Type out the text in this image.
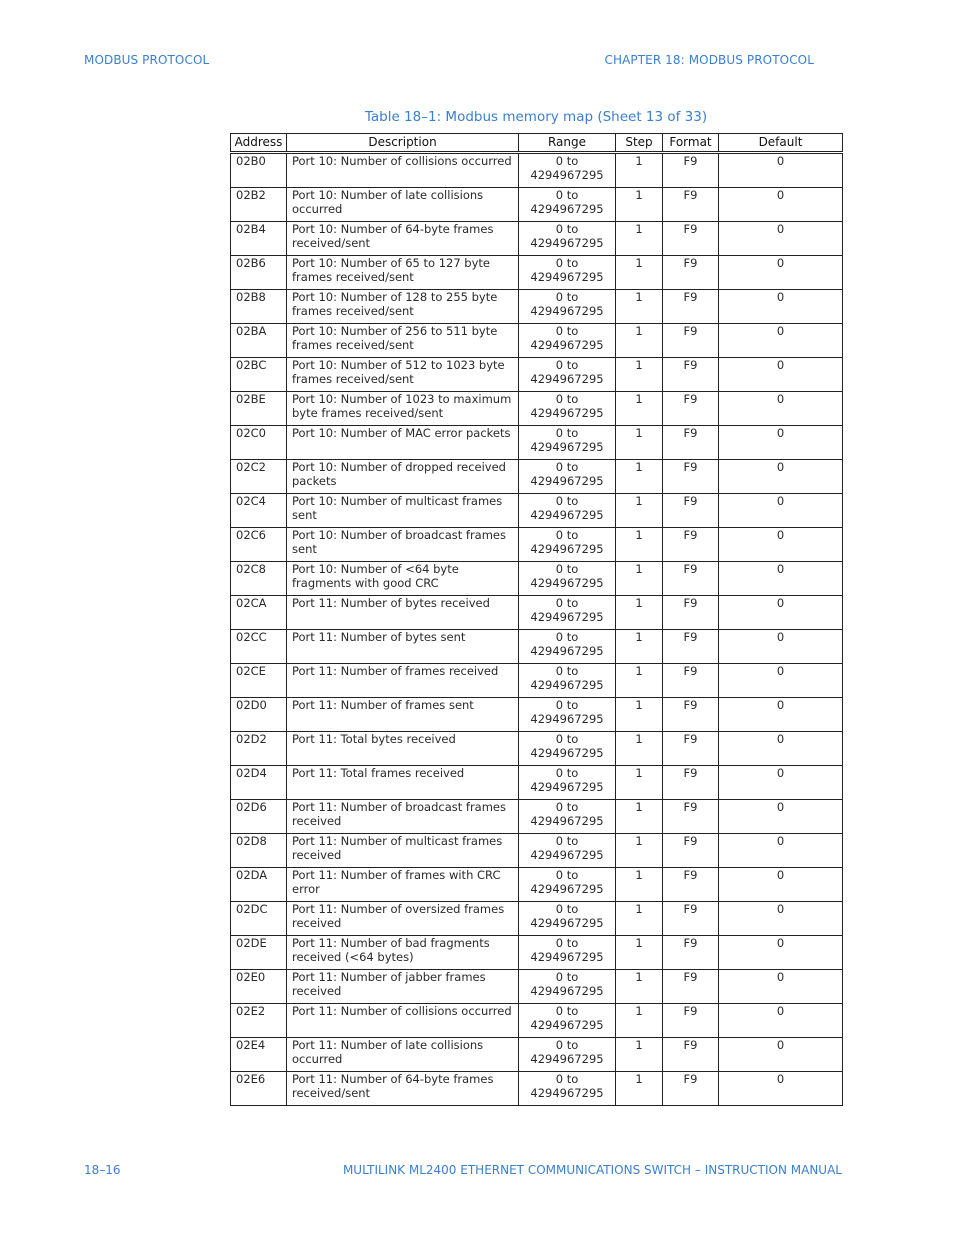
MODBUS PROTOCOL	CHAPTER 18: MODBUS PROTOCOL
Table 18–1: Modbus memory map (Sheet 13 of 33)
Address	Description	Range	Step	Format	Default
02B0	Port 10: Number of collisions occurred	0 to 4294967295	1	F9	0
02B2	Port 10: Number of late collisions occurred	0 to 4294967295	1	F9	0
02B4	Port 10: Number of 64-byte frames received/sent	0 to 4294967295	1	F9	0
02B6	Port 10: Number of 65 to 127 byte frames received/sent	0 to 4294967295	1	F9	0
02B8	Port 10: Number of 128 to 255 byte frames received/sent	0 to 4294967295	1	F9	0
02BA	Port 10: Number of 256 to 511 byte frames received/sent	0 to 4294967295	1	F9	0
02BC	Port 10: Number of 512 to 1023 byte frames received/sent	0 to 4294967295	1	F9	0
02BE	Port 10: Number of 1023 to maximum byte frames received/sent	0 to 4294967295	1	F9	0
02C0	Port 10: Number of MAC error packets	0 to 4294967295	1	F9	0
02C2	Port 10: Number of dropped received packets	0 to 4294967295	1	F9	0
02C4	Port 10: Number of multicast frames sent	0 to 4294967295	1	F9	0
02C6	Port 10: Number of broadcast frames sent	0 to 4294967295	1	F9	0
02C8	Port 10: Number of <64 byte fragments with good CRC	0 to 4294967295	1	F9	0
02CA	Port 11: Number of bytes received	0 to 4294967295	1	F9	0
02CC	Port 11: Number of bytes sent	0 to 4294967295	1	F9	0
02CE	Port 11: Number of frames received	0 to 4294967295	1	F9	0
02D0	Port 11: Number of frames sent	0 to 4294967295	1	F9	0
02D2	Port 11: Total bytes received	0 to 4294967295	1	F9	0
02D4	Port 11: Total frames received	0 to 4294967295	1	F9	0
02D6	Port 11: Number of broadcast frames received	0 to 4294967295	1	F9	0
02D8	Port 11: Number of multicast frames received	0 to 4294967295	1	F9	0
02DA	Port 11: Number of frames with CRC error	0 to 4294967295	1	F9	0
02DC	Port 11: Number of oversized frames received	0 to 4294967295	1	F9	0
02DE	Port 11: Number of bad fragments received (<64 bytes)	0 to 4294967295	1	F9	0
02E0	Port 11: Number of jabber frames received	0 to 4294967295	1	F9	0
02E2	Port 11: Number of collisions occurred	0 to 4294967295	1	F9	0
02E4	Port 11: Number of late collisions occurred	0 to 4294967295	1	F9	0
02E6	Port 11: Number of 64-byte frames received/sent	0 to 4294967295	1	F9	0
18–16	MULTILINK ML2400 ETHERNET COMMUNICATIONS SWITCH – INSTRUCTION MANUAL
